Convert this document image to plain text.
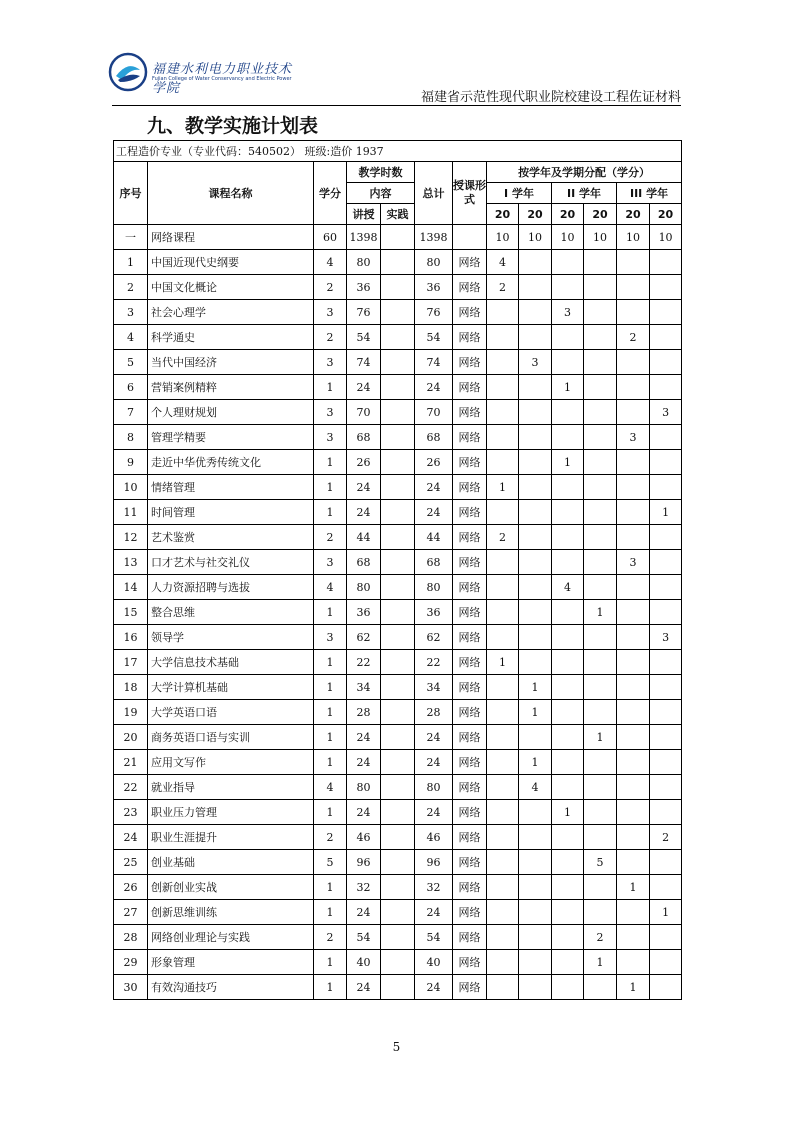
福建水利电力职业技术学院
Fujian College of Water Conservancy and Electric Power
福建省示范性现代职业院校建设工程佐证材料
九、教学实施计划表
工程造价专业（专业代码：540502） 班级:造价 1937												
序号	课程名称	学分	教学时数		总计	授课形式	按学年及学期分配（学分）					
			内容				I 学年		II 学年		III 学年	
			讲授	实践			20	20	20	20	20	20
一	网络课程	60	1398		1398		10	10	10	10	10	10
1	中国近现代史纲要	4	80		80	网络	4					
2	中国文化概论	2	36		36	网络	2					
3	社会心理学	3	76		76	网络			3			
4	科学通史	2	54		54	网络					2	
5	当代中国经济	3	74		74	网络		3				
6	营销案例精粹	1	24		24	网络			1			
7	个人理财规划	3	70		70	网络						3
8	管理学精要	3	68		68	网络					3	
9	走近中华优秀传统文化	1	26		26	网络			1			
10	情绪管理	1	24		24	网络	1					
11	时间管理	1	24		24	网络						1
12	艺术鉴赏	2	44		44	网络	2					
13	口才艺术与社交礼仪	3	68		68	网络					3	
14	人力资源招聘与选拔	4	80		80	网络			4			
15	整合思维	1	36		36	网络				1		
16	领导学	3	62		62	网络						3
17	大学信息技术基础	1	22		22	网络	1					
18	大学计算机基础	1	34		34	网络		1				
19	大学英语口语	1	28		28	网络		1				
20	商务英语口语与实训	1	24		24	网络				1		
21	应用文写作	1	24		24	网络		1				
22	就业指导	4	80		80	网络		4				
23	职业压力管理	1	24		24	网络			1			
24	职业生涯提升	2	46		46	网络						2
25	创业基础	5	96		96	网络				5		
26	创新创业实战	1	32		32	网络					1	
27	创新思维训练	1	24		24	网络						1
28	网络创业理论与实践	2	54		54	网络				2		
29	形象管理	1	40		40	网络				1		
30	有效沟通技巧	1	24		24	网络					1	
5
